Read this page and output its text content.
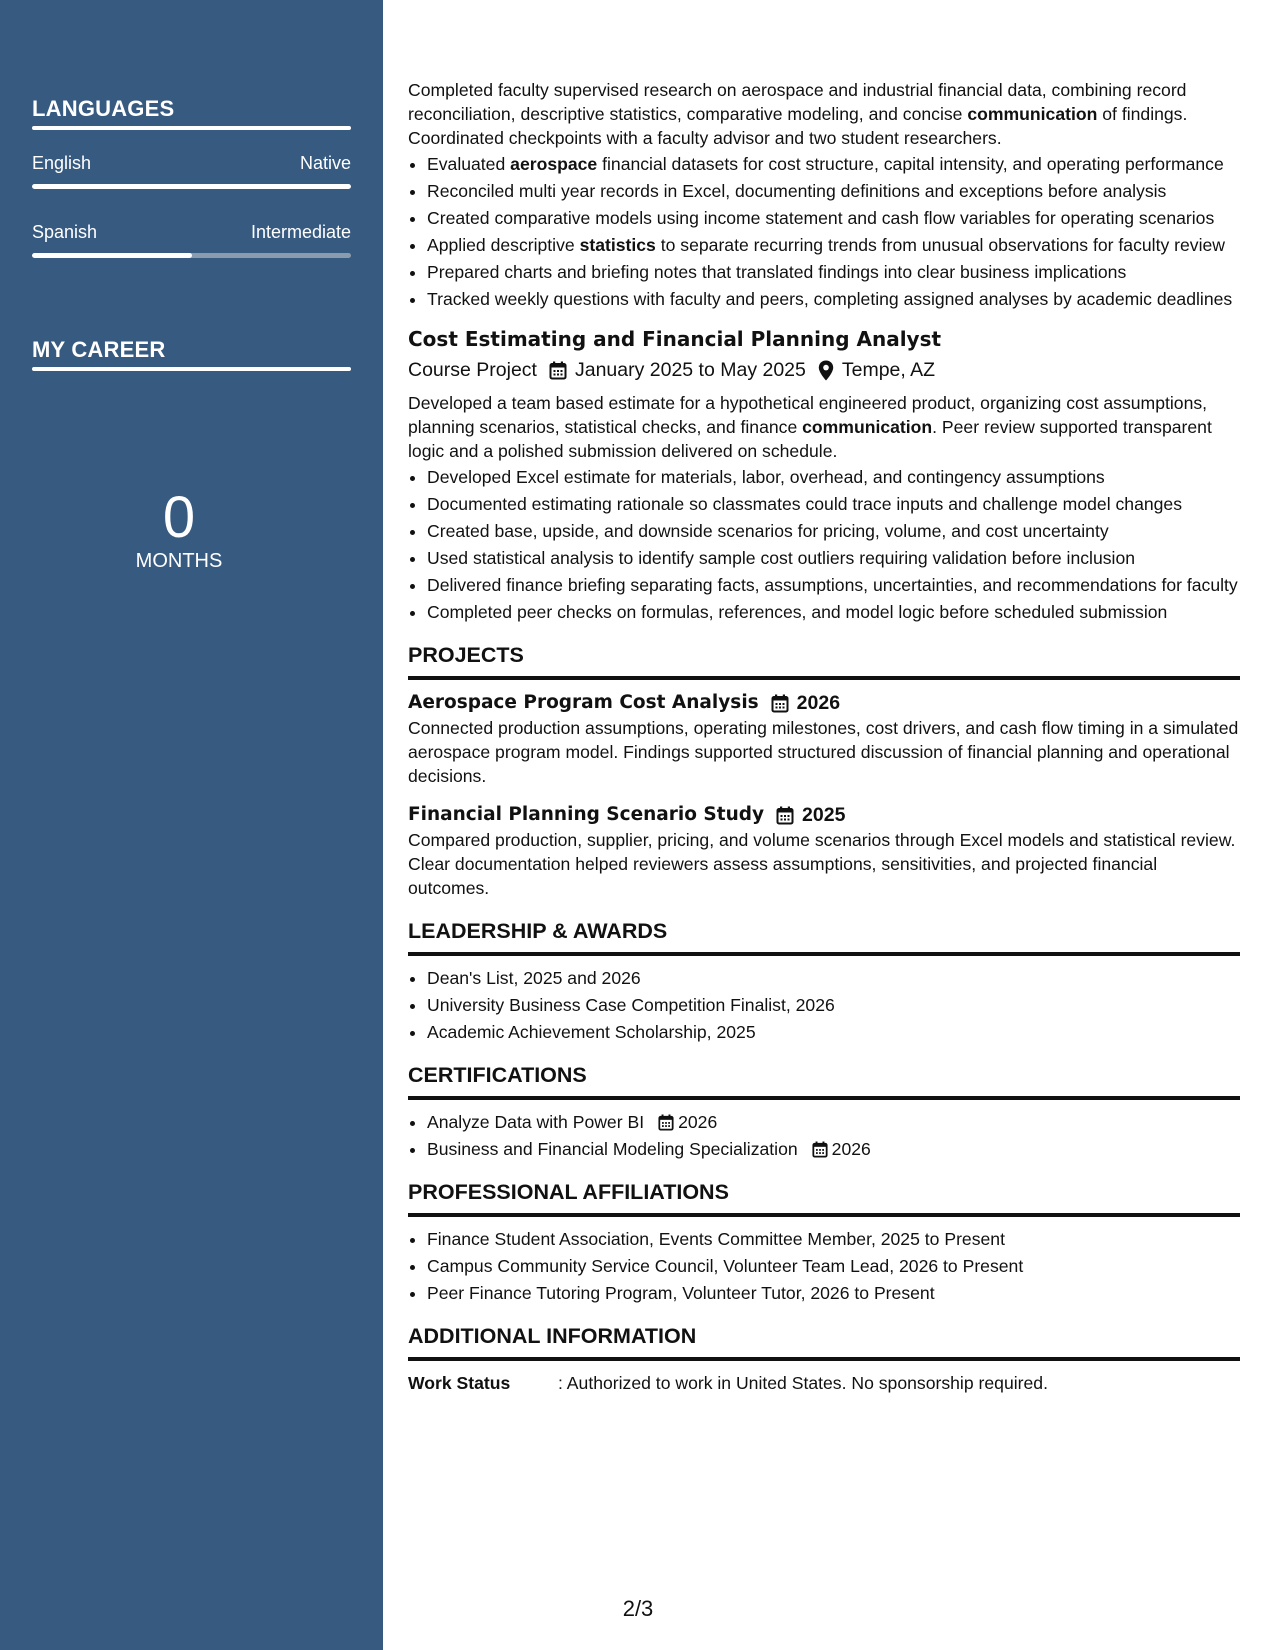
LANGUAGES
English	Native
Spanish	Intermediate
MY CAREER
0
MONTHS

Completed faculty supervised research on aerospace and industrial financial data, combining record reconciliation, descriptive statistics, comparative modeling, and concise communication of findings. Coordinated checkpoints with a faculty advisor and two student researchers.

• Evaluated aerospace financial datasets for cost structure, capital intensity, and operating performance
• Reconciled multi year records in Excel, documenting definitions and exceptions before analysis
• Created comparative models using income statement and cash flow variables for operating scenarios
• Applied descriptive statistics to separate recurring trends from unusual observations for faculty review
• Prepared charts and briefing notes that translated findings into clear business implications
• Tracked weekly questions with faculty and peers, completing assigned analyses by academic deadlines
Cost Estimating and Financial Planning Analyst
Course Project January 2025 to May 2025 Tempe, AZ

Developed a team based estimate for a hypothetical engineered product, organizing cost assumptions, planning scenarios, statistical checks, and finance communication. Peer review supported transparent logic and a polished submission delivered on schedule.

• Developed Excel estimate for materials, labor, overhead, and contingency assumptions
• Documented estimating rationale so classmates could trace inputs and challenge model changes
• Created base, upside, and downside scenarios for pricing, volume, and cost uncertainty
• Used statistical analysis to identify sample cost outliers requiring validation before inclusion
• Delivered finance briefing separating facts, assumptions, uncertainties, and recommendations for faculty
• Completed peer checks on formulas, references, and model logic before scheduled submission
PROJECTS
Aerospace Program Cost Analysis 2026

Connected production assumptions, operating milestones, cost drivers, and cash flow timing in a simulated aerospace program model. Findings supported structured discussion of financial planning and operational decisions.

Financial Planning Scenario Study 2025

Compared production, supplier, pricing, and volume scenarios through Excel models and statistical review. Clear documentation helped reviewers assess assumptions, sensitivities, and projected financial outcomes.

LEADERSHIP & AWARDS
• Dean's List, 2025 and 2026
• University Business Case Competition Finalist, 2026
• Academic Achievement Scholarship, 2025
CERTIFICATIONS
• Analyze Data with Power BI 2026
• Business and Financial Modeling Specialization 2026
PROFESSIONAL AFFILIATIONS
• Finance Student Association, Events Committee Member, 2025 to Present
• Campus Community Service Council, Volunteer Team Lead, 2026 to Present
• Peer Finance Tutoring Program, Volunteer Tutor, 2026 to Present
ADDITIONAL INFORMATION
Work Status	: Authorized to work in United States. No sponsorship required.
2/3
